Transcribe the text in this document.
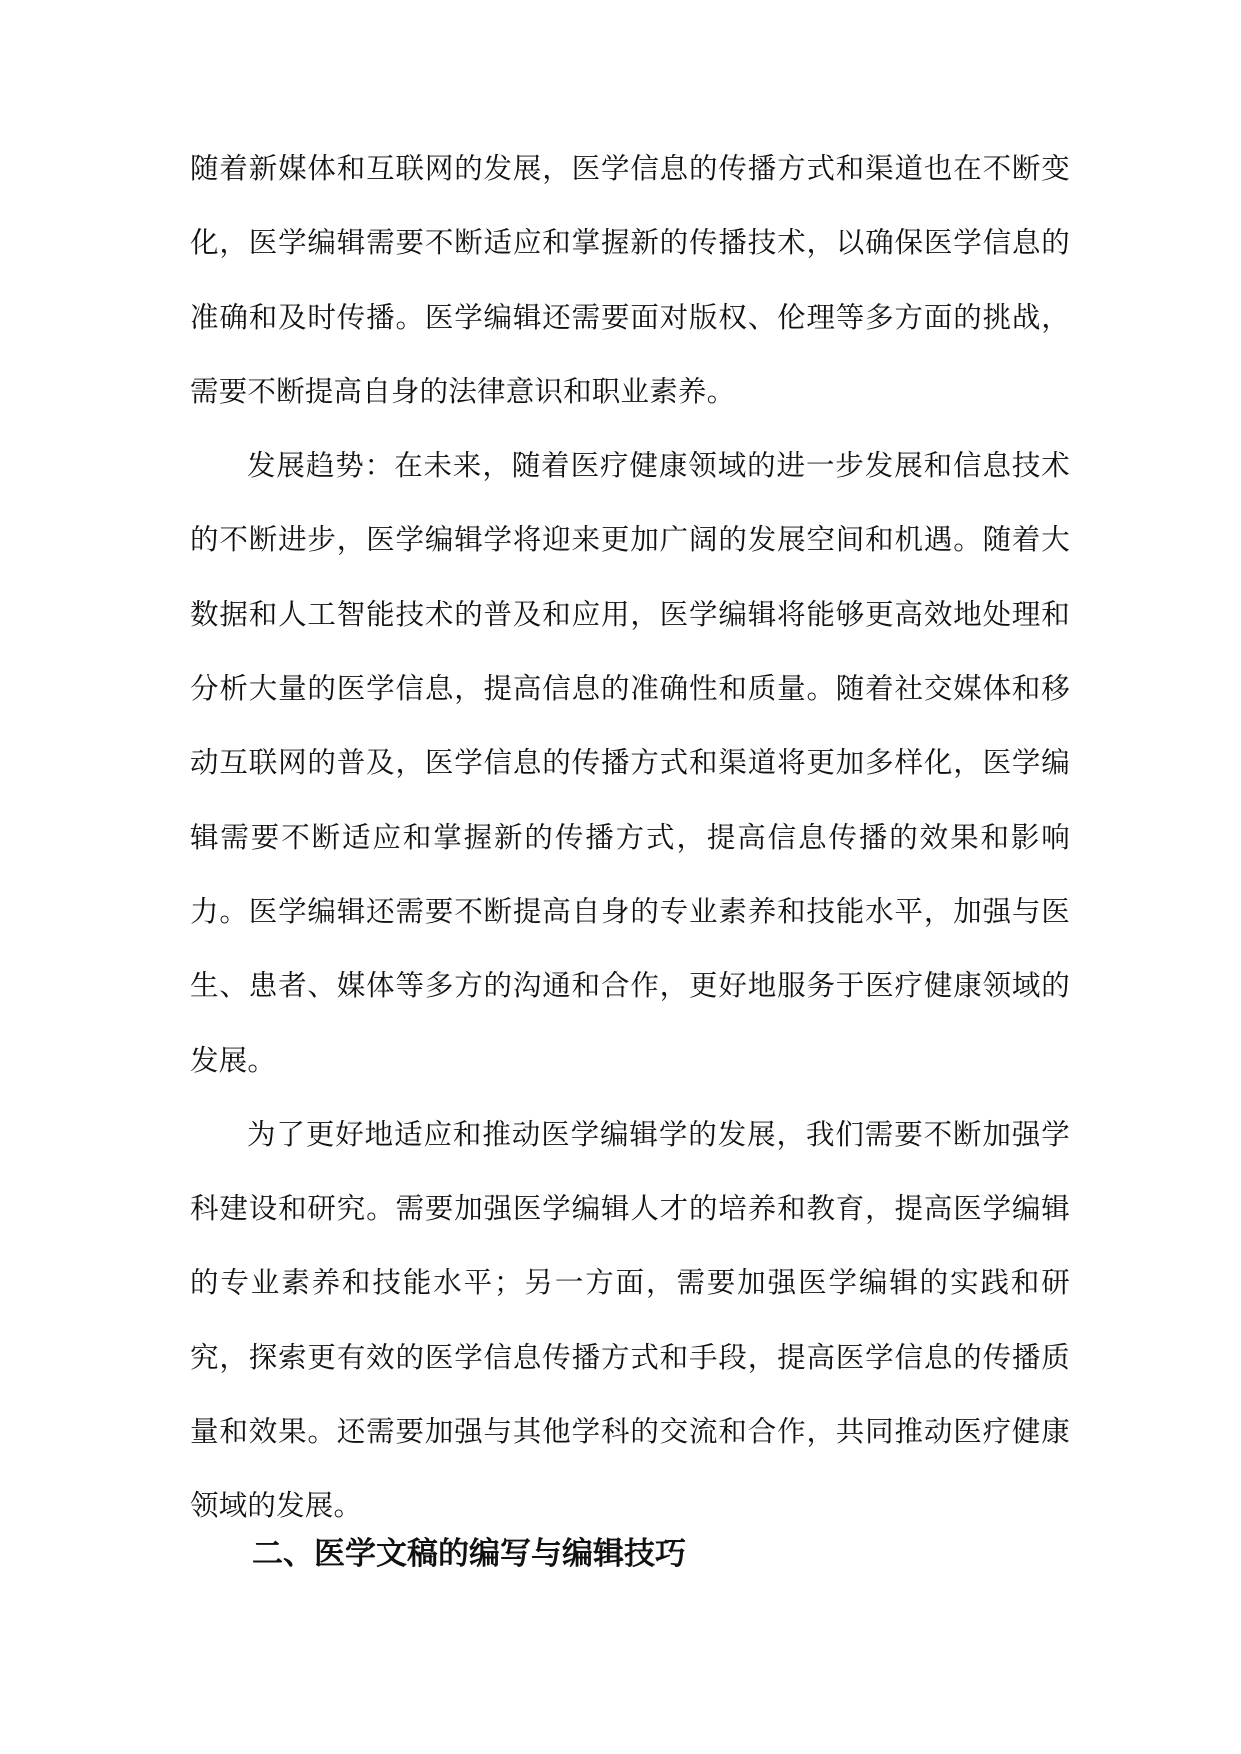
随着新媒体和互联网的发展，医学信息的传播方式和渠道也在不断变化，医学编辑需要不断适应和掌握新的传播技术，以确保医学信息的准确和及时传播。医学编辑还需要面对版权、伦理等多方面的挑战，需要不断提高自身的法律意识和职业素养。

发展趋势：在未来，随着医疗健康领域的进一步发展和信息技术的不断进步，医学编辑学将迎来更加广阔的发展空间和机遇。随着大数据和人工智能技术的普及和应用，医学编辑将能够更高效地处理和分析大量的医学信息，提高信息的准确性和质量。随着社交媒体和移动互联网的普及，医学信息的传播方式和渠道将更加多样化，医学编辑需要不断适应和掌握新的传播方式，提高信息传播的效果和影响力。医学编辑还需要不断提高自身的专业素养和技能水平，加强与医生、患者、媒体等多方的沟通和合作，更好地服务于医疗健康领域的发展。

为了更好地适应和推动医学编辑学的发展，我们需要不断加强学科建设和研究。需要加强医学编辑人才的培养和教育，提高医学编辑的专业素养和技能水平；另一方面，需要加强医学编辑的实践和研究，探索更有效的医学信息传播方式和手段，提高医学信息的传播质量和效果。还需要加强与其他学科的交流和合作，共同推动医疗健康领域的发展。

二、医学文稿的编写与编辑技巧
